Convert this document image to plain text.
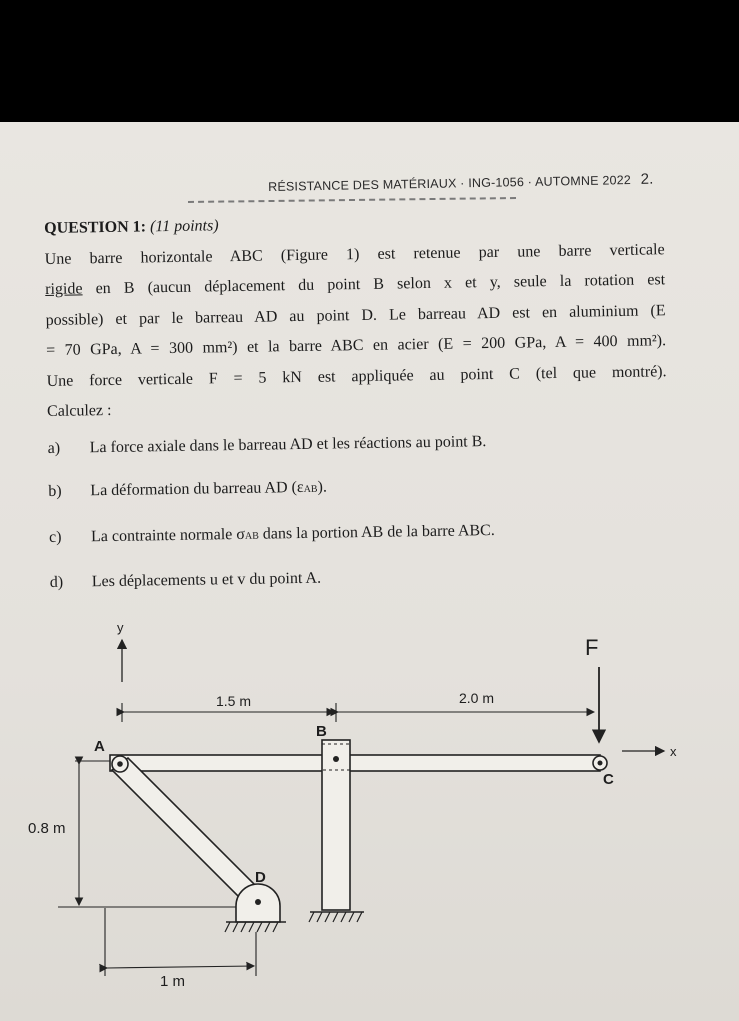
RÉSISTANCE DES MATÉRIAUX · ING-1056 · AUTOMNE 2022 2.
QUESTION 1: (11 points)
Une barre horizontale ABC (Figure 1) est retenue par une barre verticale
rigide en B (aucun déplacement du point B selon x et y, seule la rotation est
possible) et par le barreau AD au point D. Le barreau AD est en aluminium (E
= 70 GPa, A = 300 mm²) et la barre ABC en acier (E = 200 GPa, A = 400 mm²).
Une force verticale F = 5 kN est appliquée au point C (tel que montré).
Calculez :
a)	La force axiale dans le barreau AD et les réactions au point B.
b)	La déformation du barreau AD (εAB).
c)	La contrainte normale σAB dans la portion AB de la barre ABC.
d)	Les déplacements u et v du point A.
y
x
1.5 m	2.0 m
F
A
B
C
D
0.8 m
1 m
